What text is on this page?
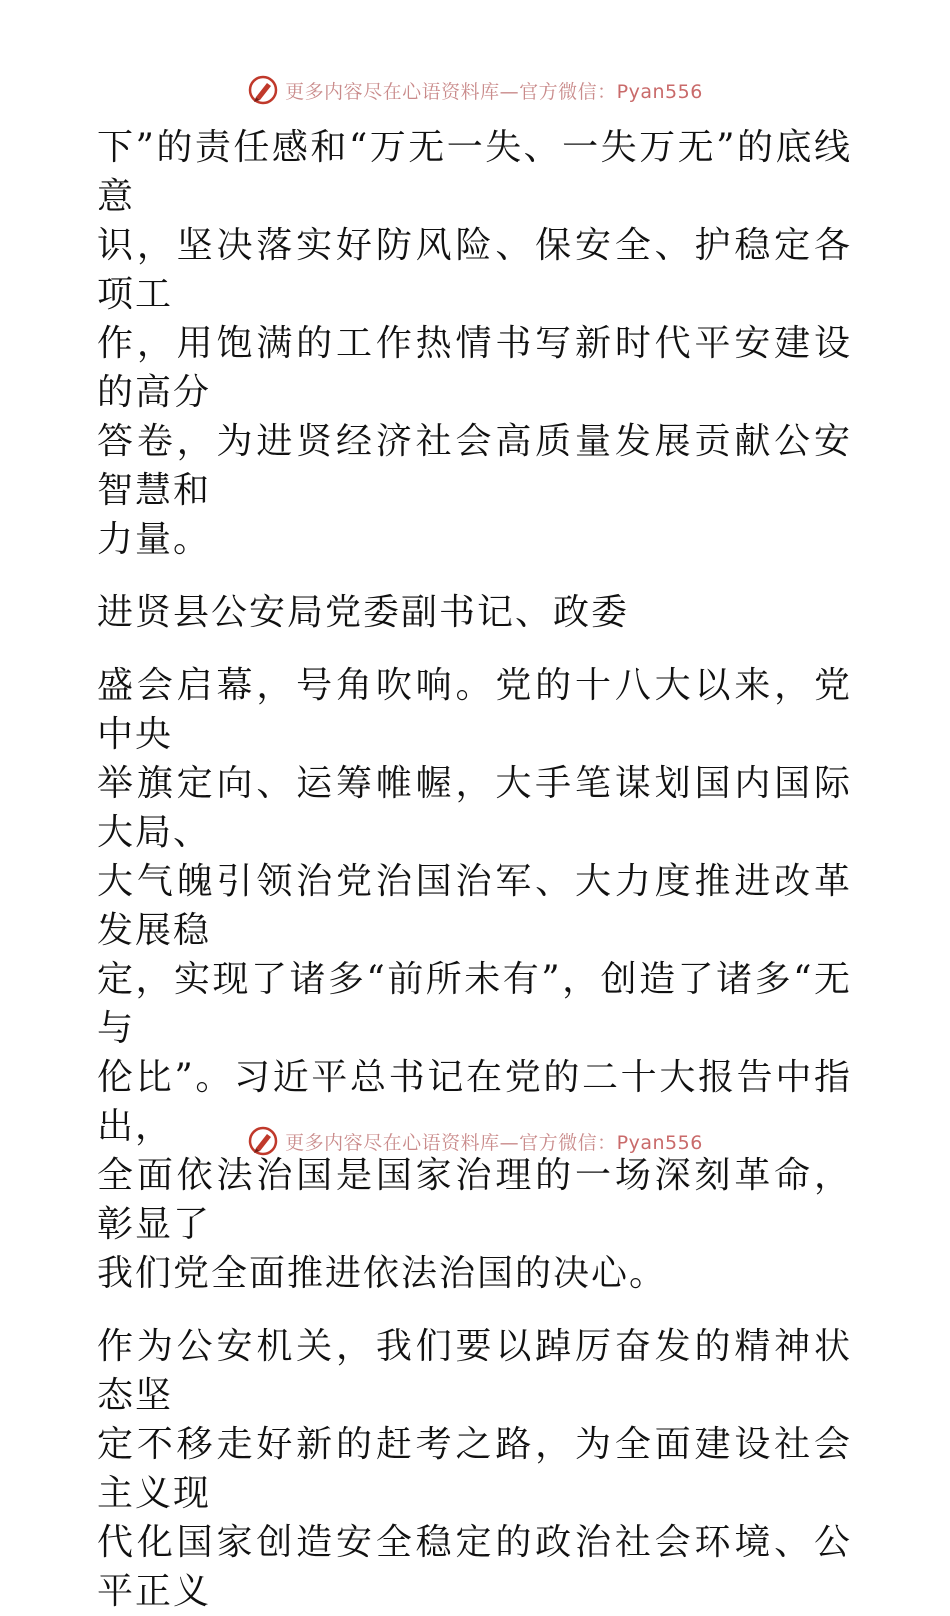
更多内容尽在心语资料库—官方微信：Pyan556

下”的责任感和“万无一失、一失万无”的底线意
识，坚决落实好防风险、保安全、护稳定各项工
作，用饱满的工作热情书写新时代平安建设的高分
答卷，为进贤经济社会高质量发展贡献公安智慧和
力量。

进贤县公安局党委副书记、政委

盛会启幕，号角吹响。党的十八大以来，党中央
举旗定向、运筹帷幄，大手笔谋划国内国际大局、
大气魄引领治党治国治军、大力度推进改革发展稳
定，实现了诸多“前所未有”，创造了诸多“无与
伦比”。习近平总书记在党的二十大报告中指出，
全面依法治国是国家治理的一场深刻革命，彰显了
我们党全面推进依法治国的决心。

作为公安机关，我们要以踔厉奋发的精神状态坚
定不移走好新的赶考之路，为全面建设社会主义现
代化国家创造安全稳定的政治社会环境、公平正义

更多内容尽在心语资料库—官方微信：Pyan556
